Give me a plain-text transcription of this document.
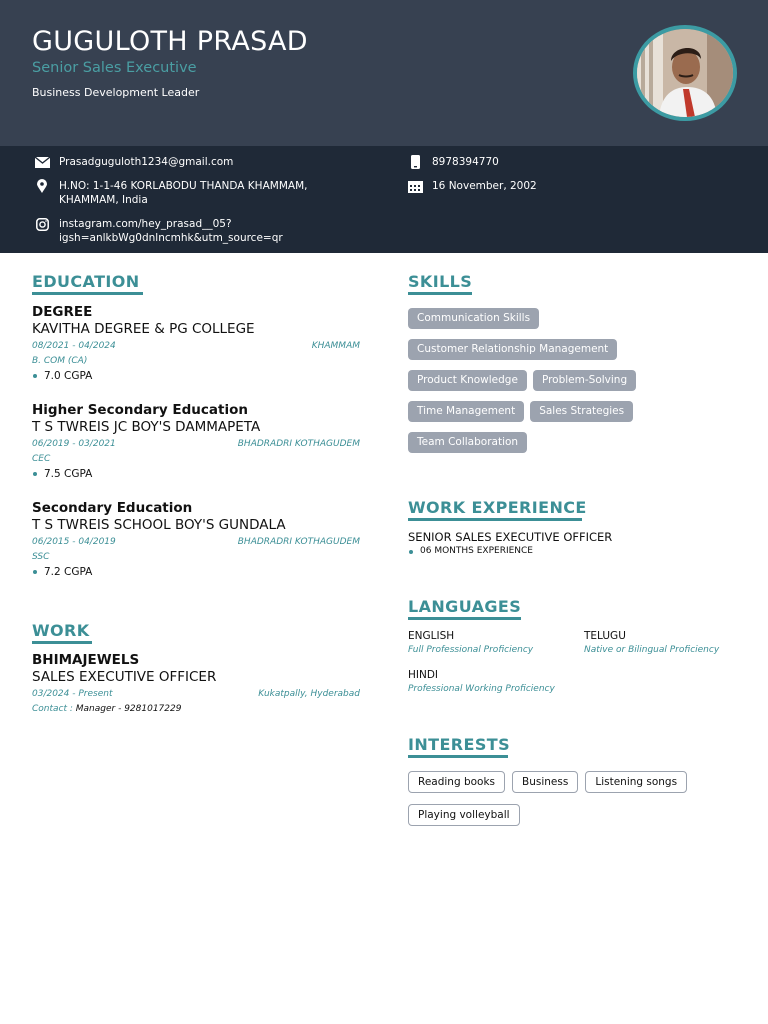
GUGULOTH PRASAD
Senior Sales Executive
Business Development Leader
Prasadguguloth1234@gmail.com	8978394770
H.NO: 1-1-46 KORLABODU THANDA KHAMMAM,
KHAMMAM, India
16 November, 2002
instagram.com/hey_prasad__05?
igsh=anlkbWg0dnlncmhk&utm_source=qr
EDUCATION
DEGREE
KAVITHA DEGREE & PG COLLEGE
08/2021 - 04/2024	KHAMMAM
B. COM (CA)
7.0 CGPA
Higher Secondary Education
T S TWREIS JC BOY'S DAMMAPETA
06/2019 - 03/2021	BHADRADRI KOTHAGUDEM
CEC
7.5 CGPA
Secondary Education
T S TWREIS SCHOOL BOY'S GUNDALA
06/2015 - 04/2019	BHADRADRI KOTHAGUDEM
SSC
7.2 CGPA
WORK
BHIMAJEWELS
SALES EXECUTIVE OFFICER
03/2024 - Present	Kukatpally, Hyderabad
Contact : Manager - 9281017229
SKILLS
Communication Skills
Customer Relationship Management
Product Knowledge	Problem-Solving
Time Management	Sales Strategies
Team Collaboration
WORK EXPERIENCE
SENIOR SALES EXECUTIVE OFFICER
06 MONTHS EXPERIENCE
LANGUAGES
ENGLISH
Full Professional Proficiency
TELUGU
Native or Bilingual Proficiency
HINDI
Professional Working Proficiency
INTERESTS
Reading books	Business	Listening songs
Playing volleyball
